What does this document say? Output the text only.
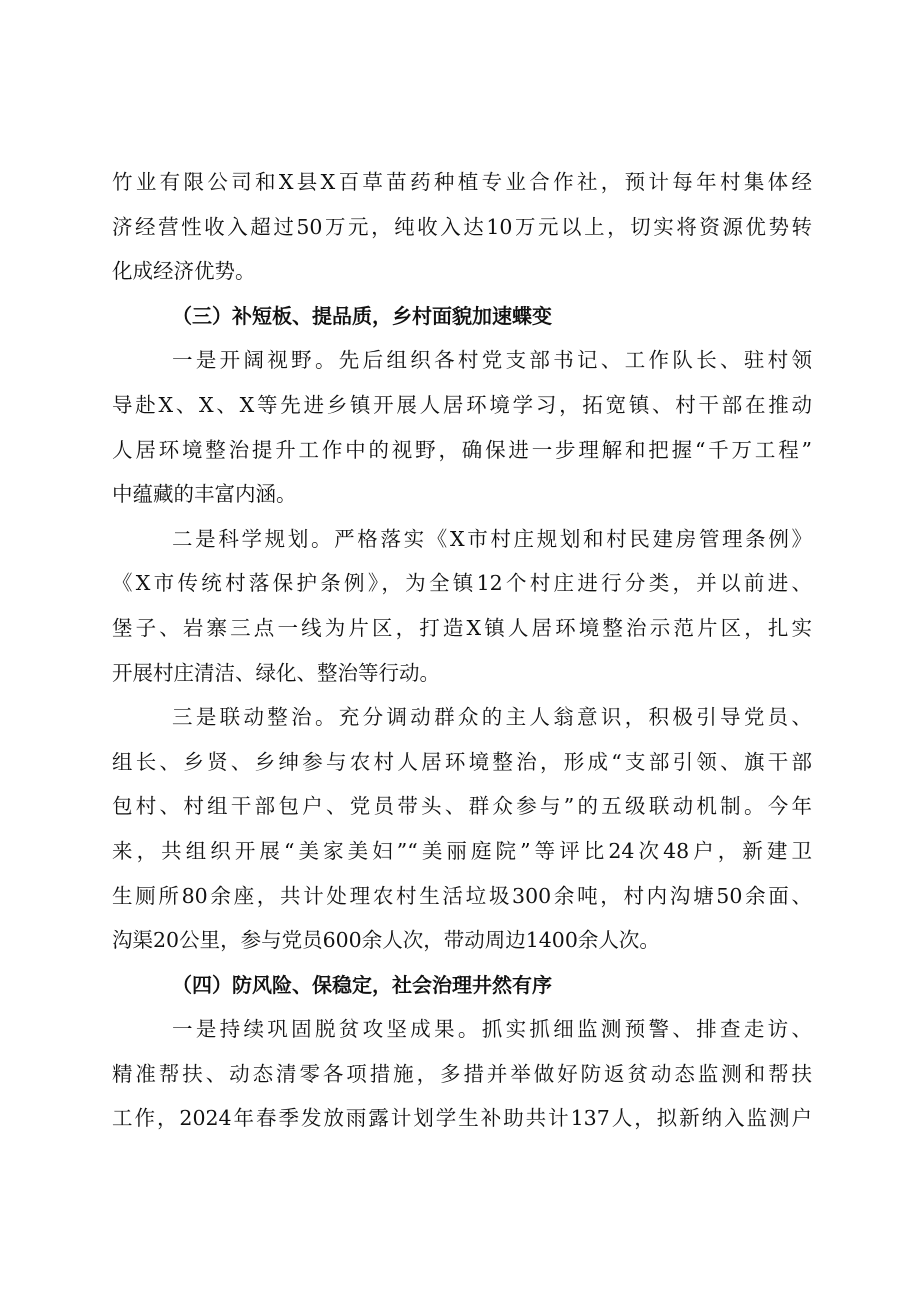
竹业有限公司和X县X百草苗药种植专业合作社，预计每年村集体经
济经营性收入超过50万元，纯收入达10万元以上，切实将资源优势转
化成经济优势。
（三）补短板、提品质，乡村面貌加速蝶变
一是开阔视野。先后组织各村党支部书记、工作队长、驻村领
导赴X、X、X等先进乡镇开展人居环境学习，拓宽镇、村干部在推动
人居环境整治提升工作中的视野，确保进一步理解和把握“千万工程”
中蕴藏的丰富内涵。
二是科学规划。严格落实《X市村庄规划和村民建房管理条例》
《X市传统村落保护条例》，为全镇12个村庄进行分类，并以前进、
堡子、岩寨三点一线为片区，打造X镇人居环境整治示范片区，扎实
开展村庄清洁、绿化、整治等行动。
三是联动整治。充分调动群众的主人翁意识，积极引导党员、
组长、乡贤、乡绅参与农村人居环境整治，形成“支部引领、旗干部
包村、村组干部包户、党员带头、群众参与”的五级联动机制。今年
来，共组织开展“美家美妇”“美丽庭院”等评比24次48户，新建卫
生厕所80余座，共计处理农村生活垃圾300余吨，村内沟塘50余面、
沟渠20公里，参与党员600余人次，带动周边1400余人次。
（四）防风险、保稳定，社会治理井然有序
一是持续巩固脱贫攻坚成果。抓实抓细监测预警、排查走访、
精准帮扶、动态清零各项措施，多措并举做好防返贫动态监测和帮扶
工作，2024年春季发放雨露计划学生补助共计137人，拟新纳入监测户
